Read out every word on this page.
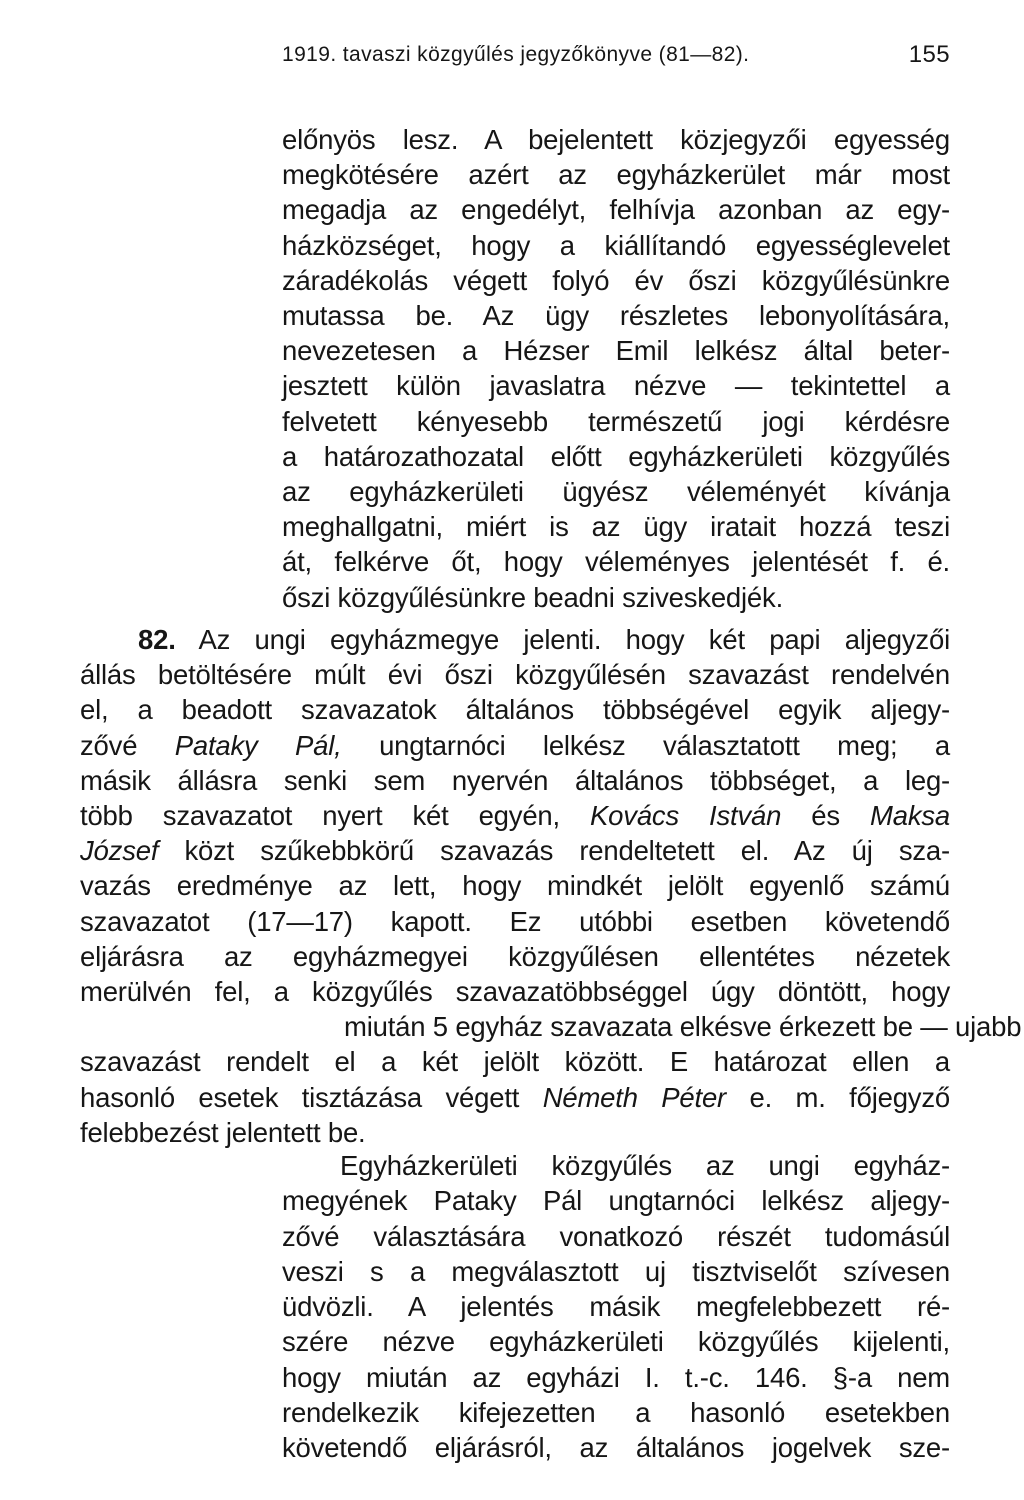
1919. tavaszi közgyűlés jegyzőkönyve (81—82).	155
előnyös lesz. A bejelentett közjegyzői egyesség
megkötésére azért az egyházkerület már most
megadja az engedélyt, felhívja azonban az egy-
házközséget, hogy a kiállítandó egyességlevelet
záradékolás végett folyó év őszi közgyűlésünkre
mutassa be. Az ügy részletes lebonyolítására,
nevezetesen a Hézser Emil lelkész által beter-
jesztett külön javaslatra nézve — tekintettel a
felvetett kényesebb természetű jogi kérdésre
a határozathozatal előtt egyházkerületi közgyűlés
az egyházkerületi ügyész véleményét kívánja
meghallgatni, miért is az ügy iratait hozzá teszi
át, felkérve őt, hogy véleményes jelentését f. é.
őszi közgyűlésünkre beadni sziveskedjék.
82. Az ungi egyházmegye jelenti. hogy két papi aljegyzői
állás betöltésére múlt évi őszi közgyűlésén szavazást rendelvén
el, a beadott szavazatok általános többségével egyik aljegy-
zővé Pataky Pál, ungtarnóci lelkész választatott meg; a
másik állásra senki sem nyervén általános többséget, a leg-
több szavazatot nyert két egyén, Kovács István és Maksa
József közt szűkebbkörű szavazás rendeltetett el. Az új sza-
vazás eredménye az lett, hogy mindkét jelölt egyenlő számú
szavazatot (17—17) kapott. Ez utóbbi esetben követendő
eljárásra az egyházmegyei közgyűlésen ellentétes nézetek
merülvén fel, a közgyűlés szavazatöbbséggel úgy döntött, hogy
miután 5 egyház szavazata elkésve érkezett be — ujabb
szavazást rendelt el a két jelölt között. E határozat ellen a
hasonló esetek tisztázása végett Németh Péter e. m. főjegyző
felebbezést jelentett be.
Egyházkerületi közgyűlés az ungi egyház-
megyének Pataky Pál ungtarnóci lelkész aljegy-
zővé választására vonatkozó részét tudomásúl
veszi s a megválasztott uj tisztviselőt szívesen
üdvözli. A jelentés másik megfelebbezett ré-
szére nézve egyházkerületi közgyűlés kijelenti,
hogy miután az egyházi I. t.-c. 146. §-a nem
rendelkezik kifejezetten a hasonló esetekben
követendő eljárásról, az általános jogelvek sze-
